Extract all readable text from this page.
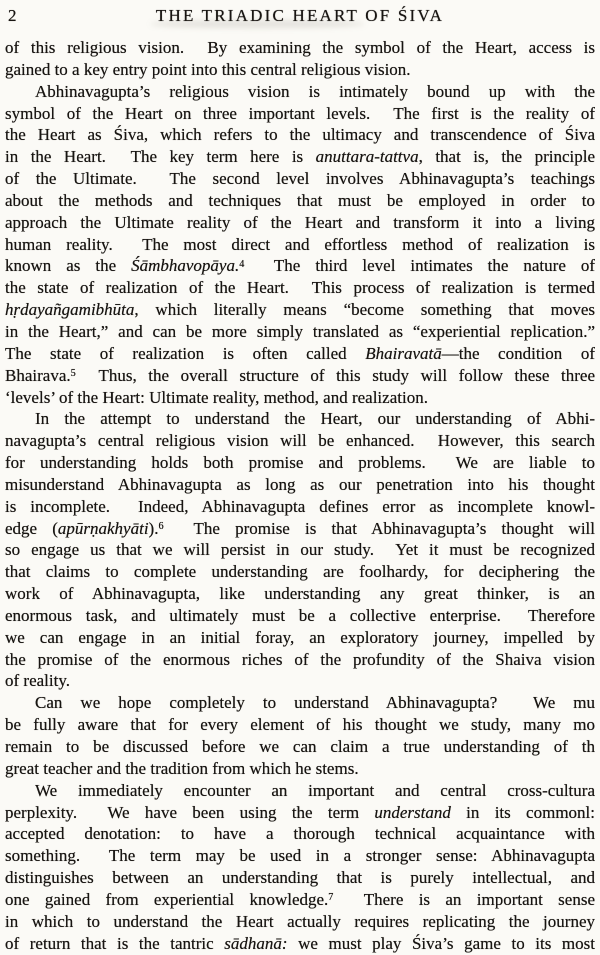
2	THE TRIADIC HEART OF ŚIVA
of this religious vision.  By examining the symbol of the Heart, access is
gained to a key entry point into this central religious vision.
Abhinavagupta’s religious vision is intimately bound up with the
symbol of the Heart on three important levels.  The first is the reality of
the Heart as Śiva, which refers to the ultimacy and transcendence of Śiva
in the Heart.  The key term here is anuttara-tattva, that is, the principle
of the Ultimate.  The second level involves Abhinavagupta’s teachings
about the methods and techniques that must be employed in order to
approach the Ultimate reality of the Heart and transform it into a living
human reality.  The most direct and effortless method of realization is
known as the Śāmbhavopāya.$^4$  The third level intimates the nature of
the state of realization of the Heart.  This process of realization is termed
hṛdayañgamibhūta, which literally means “become something that moves
in the Heart,” and can be more simply translated as “experiential replication.”
The state of realization is often called Bhairavatā—the condition of
Bhairava.$^5$  Thus, the overall structure of this study will follow these three
‘levels’ of the Heart: Ultimate reality, method, and realization.
In the attempt to understand the Heart, our understanding of Abhi-
navagupta’s central religious vision will be enhanced.  However, this search
for understanding holds both promise and problems.  We are liable to
misunderstand Abhinavagupta as long as our penetration into his thought
is incomplete.  Indeed, Abhinavagupta defines error as incomplete knowl-
edge (apūrṇakhyāti).$^6$  The promise is that Abhinavagupta’s thought will
so engage us that we will persist in our study.  Yet it must be recognized
that claims to complete understanding are foolhardy, for deciphering the
work of Abhinavagupta, like understanding any great thinker, is an
enormous task, and ultimately must be a collective enterprise.  Therefore
we can engage in an initial foray, an exploratory journey, impelled by
the promise of the enormous riches of the profundity of the Shaiva vision
of reality.
Can we hope completely to understand Abhinavagupta?  We mu
be fully aware that for every element of his thought we study, many mo
remain to be discussed before we can claim a true understanding of th
great teacher and the tradition from which he stems.
We immediately encounter an important and central cross-cultura
perplexity.  We have been using the term understand in its commonl:
accepted denotation: to have a thorough technical acquaintance with
something.  The term may be used in a stronger sense: Abhinavagupta
distinguishes between an understanding that is purely intellectual, and
one gained from experiential knowledge.$^7$  There is an important sense
in which to understand the Heart actually requires replicating the journey
of return that is the tantric sādhanā: we must play Śiva’s game to its most
